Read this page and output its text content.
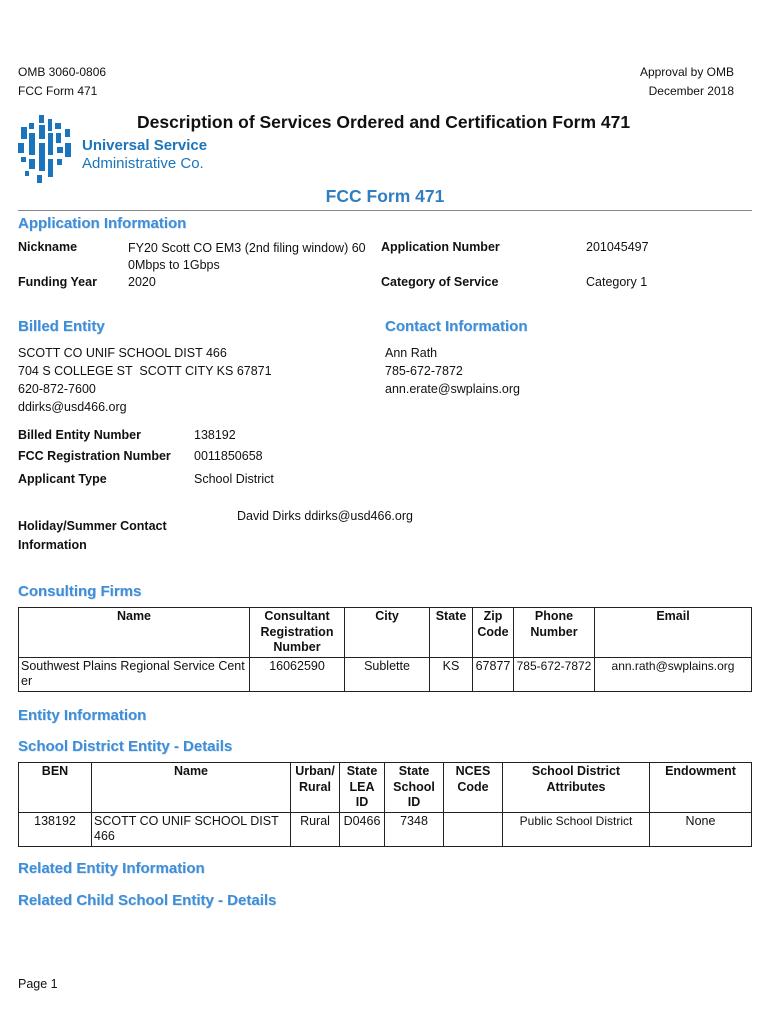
OMB 3060-0806
FCC Form 471
Approval by OMB
December 2018
Universal Service
Administrative Co.
Description of Services Ordered and Certification Form 471
FCC Form 471
Application Information
Nickname	FY20 Scott CO EM3 (2nd filing window) 600Mbps to 1Gbps
Application Number	201045497
Funding Year 2020	Category of Service	Category 1
Billed Entity
SCOTT CO UNIF SCHOOL DIST 466
704 S COLLEGE ST  SCOTT CITY KS 67871
620-872-7600
ddirks@usd466.org
Contact Information
Ann Rath
785-672-7872
ann.erate@swplains.org
Billed Entity Number	138192
FCC Registration Number 0011850658
Applicant Type	School District
David Dirks ddirks@usd466.org
Holiday/Summer Contact Information
Consulting Firms
Name	Consultant Registration Number	City	State	Zip Code	Phone Number	Email
Southwest Plains Regional Service Center	16062590	Sublette	KS	67877	785-672-7872	ann.rath@swplains.org
Entity Information
School District Entity - Details
BEN	Name	Urban/ Rural	State LEA ID	State School ID	NCES Code	School District Attributes	Endowment
138192	SCOTT CO UNIF SCHOOL DIST 466	Rural	D0466	7348		Public School District	None
Related Entity Information
Related Child School Entity - Details
Page 1
